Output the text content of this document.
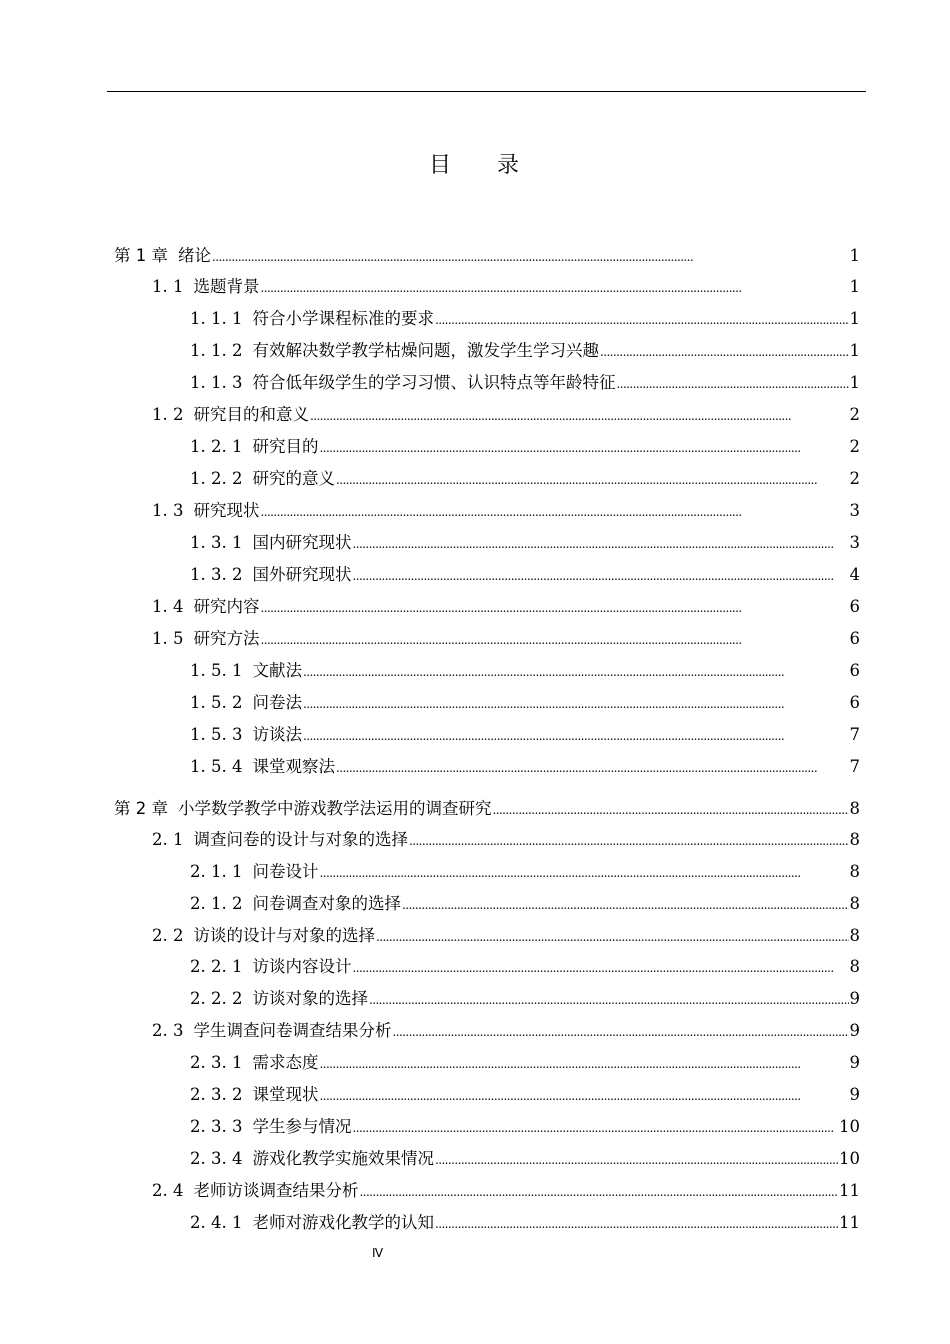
目 录
第 1 章 绪论 . . .	1
1. 1 选题背景 . . .	1
1. 1. 1 符合小学课程标准的要求 . . .	1
1. 1. 2 有效解决数学教学枯燥问题，激发学生学习兴趣 . . .	1
1. 1. 3 符合低年级学生的学习习惯、认识特点等年龄特征 . . .	1
1. 2 研究目的和意义 . . .	2
1. 2. 1 研究目的 . . .	2
1. 2. 2 研究的意义 . . .	2
1. 3 研究现状 . . .	3
1. 3. 1 国内研究现状 . . .	3
1. 3. 2 国外研究现状 . . .	4
1. 4 研究内容 . . .	6
1. 5 研究方法 . . .	6
1. 5. 1 文献法 . . .	6
1. 5. 2 问卷法 . . .	6
1. 5. 3 访谈法 . . .	7
1. 5. 4 课堂观察法 . . .	7
第 2 章 小学数学教学中游戏教学法运用的调查研究 . . .	8
2. 1 调查问卷的设计与对象的选择 . . .	8
2. 1. 1 问卷设计 . . .	8
2. 1. 2 问卷调查对象的选择 . . .	8
2. 2 访谈的设计与对象的选择 . . .	8
2. 2. 1 访谈内容设计 . . .	8
2. 2. 2 访谈对象的选择 . . .	9
2. 3 学生调查问卷调查结果分析 . . .	9
2. 3. 1 需求态度 . . .	9
2. 3. 2 课堂现状 . . .	9
2. 3. 3 学生参与情况 . . .	10
2. 3. 4 游戏化教学实施效果情况 . . .	10
2. 4 老师访谈调查结果分析 . . .	11
2. 4. 1 老师对游戏化教学的认知 . . .	11
Ⅳ
